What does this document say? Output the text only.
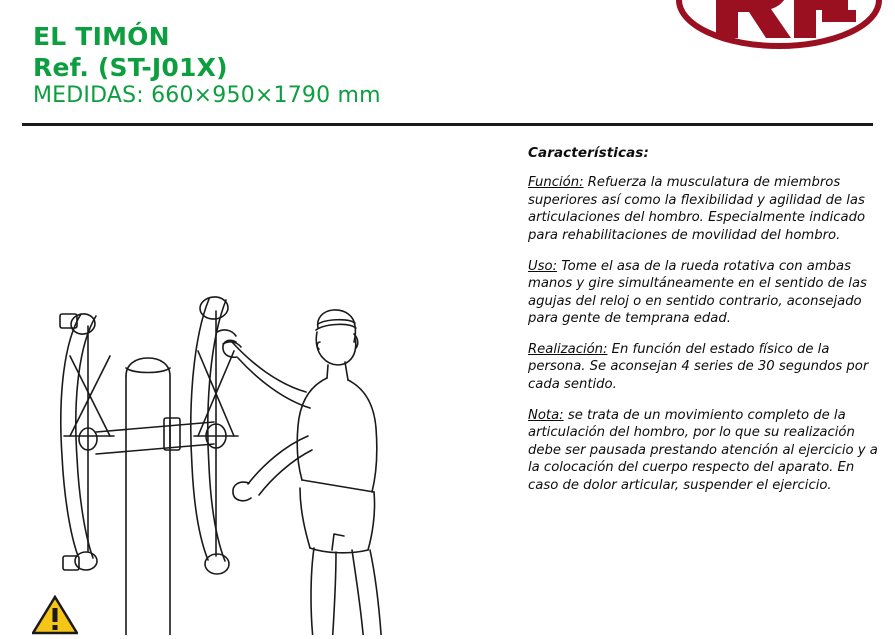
EL TIMÓN
Ref. (ST-J01X)
MEDIDAS: 660×950×1790 mm
Características:

Función: Refuerza la musculatura de miembros superiores así como la flexibilidad y agilidad de las articulaciones del hombro. Especialmente indicado para rehabilitaciones de movilidad del hombro.

Uso: Tome el asa de la rueda rotativa con ambas manos y gire simultáneamente en el sentido de las agujas del reloj o en sentido contrario, aconsejado para gente de temprana edad.

Realización: En función del estado físico de la persona. Se aconsejan 4 series de 30 segundos por cada sentido.

Nota: se trata de un movimiento completo de la articulación del hombro, por lo que su realización debe ser pausada prestando atención al ejercicio y a la colocación del cuerpo respecto del aparato. En caso de dolor articular, suspender el ejercicio.
